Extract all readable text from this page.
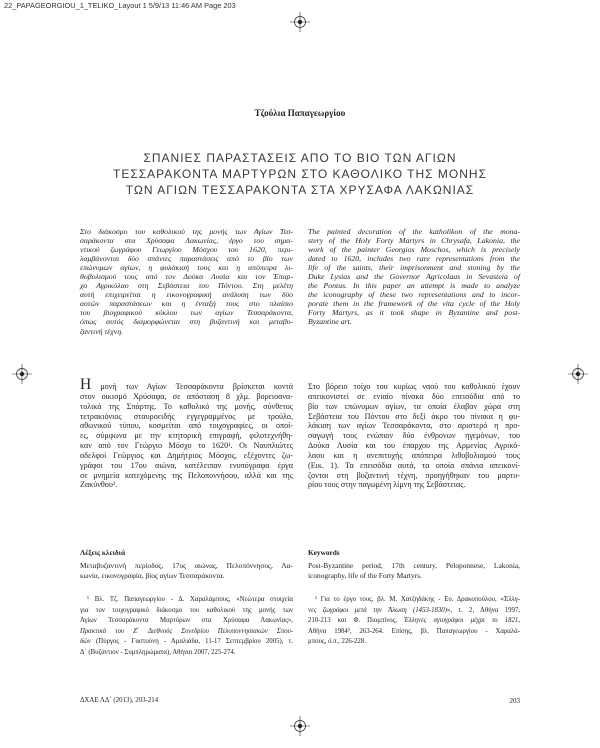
22_PAPAGEORGIOU_1_TELIKO_Layout 1 5/9/13 11:46 AM Page 203
Τζούλια Παπαγεωργίου
ΣΠΑΝΙΕΣ ΠΑΡΑΣΤΑΣΕΙΣ ΑΠΟ ΤΟ ΒΙΟ ΤΩΝ ΑΓΙΩΝ
ΤΕΣΣΑΡΑΚΟΝΤΑ ΜΑΡΤΥΡΩΝ ΣΤΟ ΚΑΘΟΛΙΚΟ ΤΗΣ ΜΟΝΗΣ
ΤΩΝ ΑΓΙΩΝ ΤΕΣΣΑΡΑΚΟΝΤΑ ΣΤΑ ΧΡΥΣΑΦΑ ΛΑΚΩΝΙΑΣ
Στο διάκοσμο του καθολικού της μονής των Αγίων Τεσ-
σαράκοντα στα Χρύσαφα Λακωνίας, έργο του σημα-
ντικού ζωγράφου Γεωργίου Μόσχου του 1620, περι-
λαμβάνονται δύο σπάνιες παραστάσεις από το βίο των
επώνυμων αγίων, η φυλάκισή τους και η απόπειρα λι-
θοβολισμού τους από τον Δούκα Λυσία και τον Έπαρ-
χο Αγρικόλαο στη Σεβάστεια του Πόντου. Στη μελέτη
αυτή επιχειρείται η εικονογραφική ανάλυση των δύο
αυτών παραστάσεων και η ένταξή τους στο πλαίσιο
του βιογραφικού κύκλου των αγίων Τεσσαράκοντα,
όπως αυτός διαμορφώνεται στη βυζαντινή και μεταβυ-
ζαντινή τέχνη.
The painted decoration of the katholikon of the mona-
stery of the Holy Forty Martyrs in Chrysafa, Lakonia, the
work of the painter Georgios Moschos, which is precisely
dated to 1620, includes two rare representations from the
life of the saints, their imprisonment and stoning by the
Duke Lysias and the Governor Agricolaus in Sevasteia of
the Pontus. In this paper an attempt is made to analyze
the iconography of these two representations and to incor-
porate them in the framework of the vita cycle of the Holy
Forty Martyrs, as it took shape in Byzantine and post-
Byzantine art.
Η μονή των Αγίων Τεσσαράκοντα βρίσκεται κοντά
στον οικισμό Χρύσαφα, σε απόσταση 8 χλμ. βορειοανα-
τολικά της Σπάρτης. Το καθολικό της μονής, σύνθετος
τετρακιόνιος σταυροειδής εγγεγραμμένος με τρούλο,
αθωνικού τύπου, κοσμείται από τοιχογραφίες, οι οποί-
ες, σύμφωνα με την κτητορική επιγραφή, φιλοτεχνήθη-
καν από τον Γεώργιο Μόσχο το 1620¹. Οι Ναυπλιώτες
αδελφοί Γεώργιος και Δημήτριος Μόσχος, εξέχοντες ζω-
γράφοι του 17ου αιώνα, κατέλειπαν ενυπόγραφα έργα
σε μνημεία κατεχόμενης της Πελοποννήσου, αλλά και της
Ζακύνθου².
Στο βόρειο τοίχο του κυρίως ναού του καθολικού έχουν
απεικονιστεί σε ενιαίο πίνακα δύο επεισόδια από το
βίο των επώνυμων αγίων, τα οποία έλαβαν χώρα στη
Σεβάστεια του Πόντου στο δεξί άκρο του πίνακα η φυ-
λάκιση των αγίων Τεσσαράκοντα, στο αριστερό η προ-
σαγωγή τους ενώπιον δύο ένθρονων ηγεμόνων, του
Δούκα Λυσία και του έπαρχου της Αρμενίας Αγρικό-
λαου και η ανεπιτυχής απόπειρα λιθοβολισμού τους
(Εικ. 1). Τα επεισόδια αυτά, τα οποία σπάνια απεικονί-
ζονται στη βυζαντινή τέχνη, προηγήθηκαν του μαρτυ-
ρίου τους στην παγωμένη λίμνη της Σεβάστειας.
Λέξεις κλειδιά
Μεταβυζαντινή περίοδος, 17ος αιώνας, Πελοπόννησος, Λα-
κωνία, εικονογραφία, βίος αγίων Τεσσαράκοντα.
Keywords
Post-Byzantine period, 17th century, Peloponnese, Lakonia,
iconography, life of the Forty Martyrs.
¹ Βλ. Τζ. Παπαγεωργίου - Δ. Χαραλάμπους, «Νεώτερα στοιχεία
για τον τοιχογραφικό διάκοσμο του καθολικού της μονής των
Αγίων Τεσσαράκοντα Μαρτύρων στα Χρύσαφα Λακωνίας»,
Πρακτικά του Ζ΄ Διεθνούς Συνεδρίου Πελοποννησιακών Σπου-
δών (Πύργος - Γαστούνη - Αμαλιάδα, 11-17 Σεπτεμβρίου 2005), τ.
Δ΄ (Βυζάντιον - Συμπληρώματα), Αθήναι 2007, 225-274.
² Για το έργο τους, βλ. Μ. Χατζηδάκης - Ευ. Δρακοπούλου, «Έλλη-
νες ζωγράφοι μετά την Άλωση (1453-1830)», τ. 2, Αθήνα 1997,
210-213 και Φ. Πιομπίνος, Έλληνες αγιογράφοι μέχρι το 1821,
Αθήνα 1984², 263-264. Επίσης, βλ. Παπαγεωργίου - Χαραλά-
μπους, ό.π., 226-228.
ΔΧΑΕ ΛΔ΄ (2013), 203-214	203
